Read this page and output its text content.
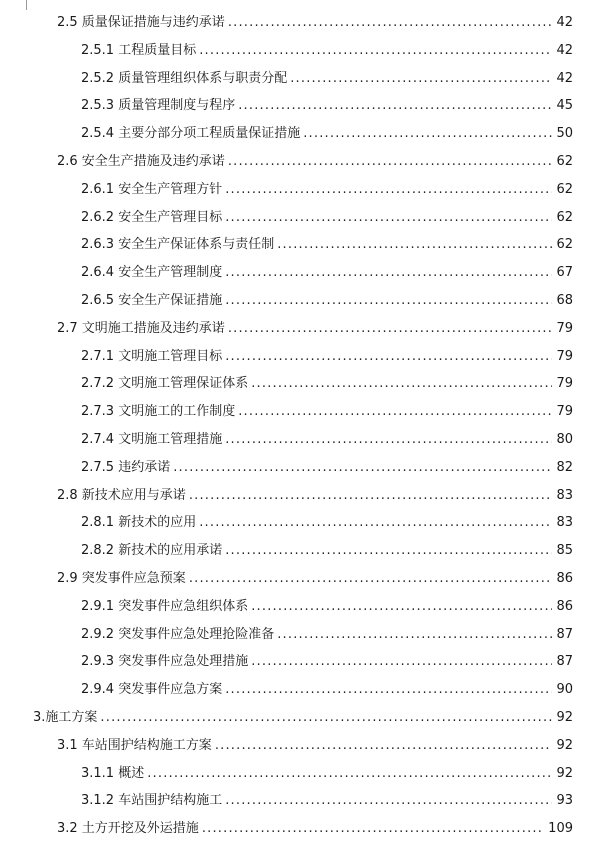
2.5 质量保证措施与违约承诺 .....	42
2.5.1 工程质量目标 .....	42
2.5.2 质量管理组织体系与职责分配 .....	42
2.5.3 质量管理制度与程序 .....	45
2.5.4 主要分部分项工程质量保证措施 .....	50
2.6 安全生产措施及违约承诺 .....	62
2.6.1 安全生产管理方针 .....	62
2.6.2 安全生产管理目标 .....	62
2.6.3 安全生产保证体系与责任制 .....	62
2.6.4 安全生产管理制度 .....	67
2.6.5 安全生产保证措施 .....	68
2.7 文明施工措施及违约承诺 .....	79
2.7.1 文明施工管理目标 .....	79
2.7.2 文明施工管理保证体系 .....	79
2.7.3 文明施工的工作制度 .....	79
2.7.4 文明施工管理措施 .....	80
2.7.5 违约承诺 .....	82
2.8 新技术应用与承诺 .....	83
2.8.1 新技术的应用 .....	83
2.8.2 新技术的应用承诺 .....	85
2.9 突发事件应急预案 .....	86
2.9.1 突发事件应急组织体系 .....	86
2.9.2 突发事件应急处理抢险准备 .....	87
2.9.3 突发事件应急处理措施 .....	87
2.9.4 突发事件应急方案 .....	90
3.施工方案 .....	92
3.1 车站围护结构施工方案 .....	92
3.1.1 概述 .....	92
3.1.2 车站围护结构施工 .....	93
3.2 土方开挖及外运措施 .....	109
